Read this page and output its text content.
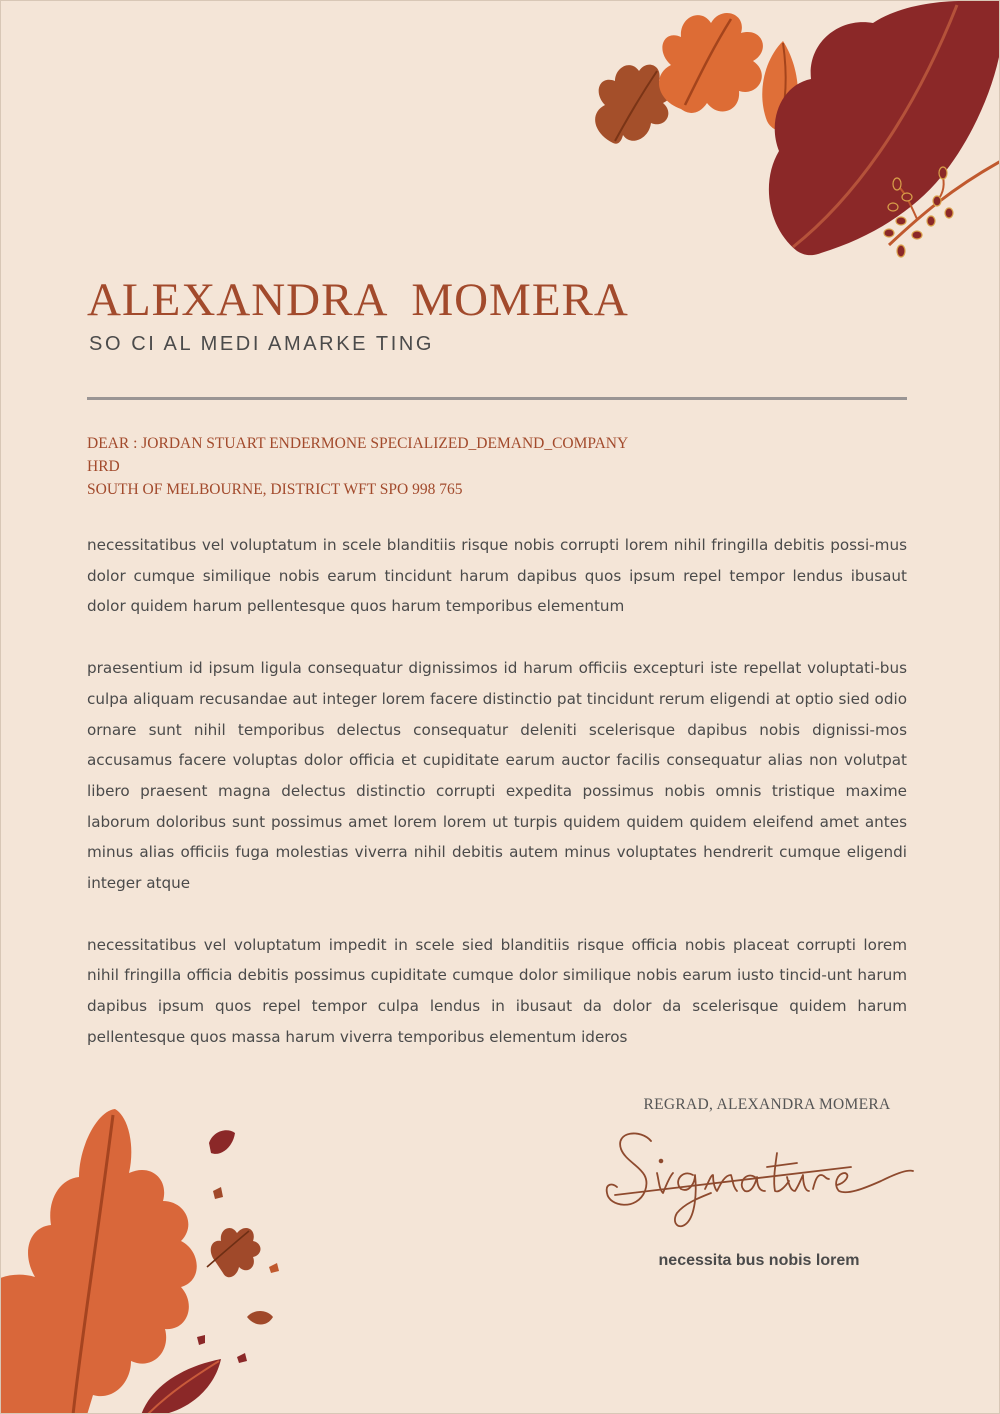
ALEXANDRA  MOMERA
SO CI AL MEDI AMARKE TING
DEAR : JORDAN STUART ENDERMONE SPECIALIZED_DEMAND_COMPANY
HRD
SOUTH OF MELBOURNE, DISTRICT WFT SPO 998 765

necessitatibus vel voluptatum in scele blanditiis risque nobis corrupti lorem nihil fringilla debitis possi-mus dolor cumque similique nobis earum tincidunt harum dapibus quos ipsum repel tempor lendus ibusaut dolor quidem harum pellentesque quos harum temporibus elementum

praesentium id ipsum ligula consequatur dignissimos id harum officiis excepturi iste repellat voluptati-bus culpa aliquam recusandae aut integer lorem facere distinctio pat tincidunt rerum eligendi at optio sied odio ornare sunt nihil temporibus delectus consequatur deleniti scelerisque dapibus nobis dignissi-mos accusamus facere voluptas dolor officia et cupiditate earum auctor facilis consequatur alias non volutpat libero praesent magna delectus distinctio corrupti expedita possimus nobis omnis tristique maxime laborum doloribus sunt possimus amet lorem lorem ut turpis quidem quidem quidem eleifend amet antes minus alias officiis fuga molestias viverra nihil debitis autem minus voluptates hendrerit cumque eligendi integer atque

necessitatibus vel voluptatum impedit in scele sied blanditiis risque officia nobis placeat corrupti lorem nihil fringilla officia debitis possimus cupiditate cumque dolor similique nobis earum iusto tincid-unt harum dapibus ipsum quos repel tempor culpa lendus in ibusaut da dolor da scelerisque quidem harum pellentesque quos massa harum viverra temporibus elementum ideros

REGRAD, ALEXANDRA MOMERA
necessita bus nobis lorem
